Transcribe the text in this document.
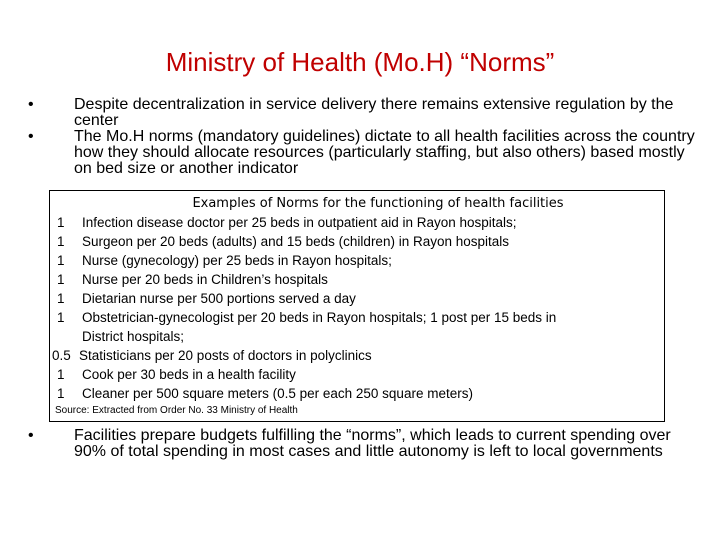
Ministry of Health (Mo.H) “Norms”
•	Despite decentralization in service delivery there remains extensive regulation by the center
•	The Mo.H norms (mandatory guidelines) dictate to all health facilities across the country how they should allocate resources (particularly staffing, but also others) based mostly on bed size or another indicator
Examples of Norms for the functioning of health facilities
1	Infection disease doctor per 25 beds in outpatient aid in Rayon hospitals;
1	Surgeon per 20 beds (adults) and 15 beds (children) in Rayon hospitals
1	Nurse (gynecology) per 25 beds in Rayon hospitals;
1	Nurse per 20 beds in Children’s hospitals
1	Dietarian nurse per 500 portions served a day
1	Obstetrician-gynecologist per 20 beds in Rayon hospitals; 1 post per 15 beds in
District hospitals;
0.5 Statisticians per 20 posts of doctors in polyclinics
1	Cook per 30 beds in a health facility
1	Cleaner per 500 square meters (0.5 per each 250 square meters)
Source: Extracted from Order No. 33 Ministry of Health
•	Facilities prepare budgets fulfilling the “norms”, which leads to current spending over 90% of total spending in most cases and little autonomy is left to local governments
